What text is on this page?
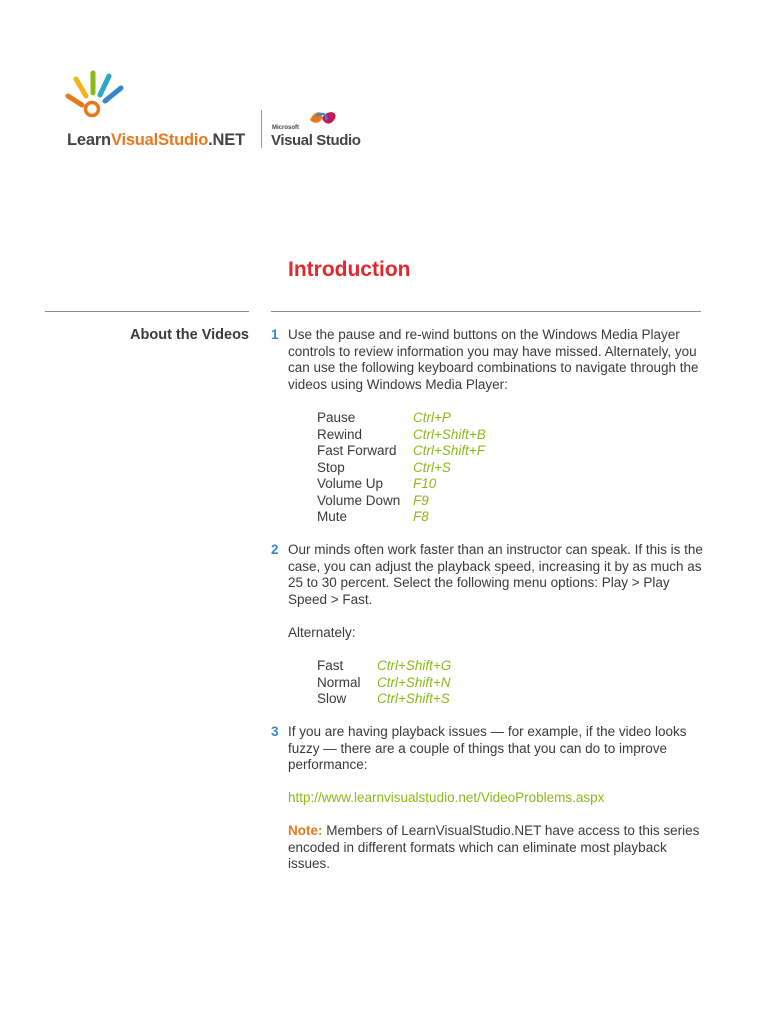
LearnVisualStudio.NET
Microsoft
Visual Studio
Introduction
About the Videos 1 Use the pause and re-wind buttons on the Windows Media Player controls to review information you may have missed. Alternately, you can use the following keyboard combinations to navigate through the videos using Windows Media Player:
Pause	Ctrl+P
Rewind	Ctrl+Shift+B
Fast Forward Ctrl+Shift+F
Stop	Ctrl+S
Volume Up F10
Volume Down F9
Mute	F8
2 Our minds often work faster than an instructor can speak. If this is the case, you can adjust the playback speed, increasing it by as much as 25 to 30 percent. Select the following menu options: Play > Play Speed > Fast.
Alternately:
Fast Ctrl+Shift+G
Normal Ctrl+Shift+N
Slow Ctrl+Shift+S
3 If you are having playback issues — for example, if the video looks fuzzy — there are a couple of things that you can do to improve performance:
http://www.learnvisualstudio.net/VideoProblems.aspx
Note: Members of LearnVisualStudio.NET have access to this series encoded in different formats which can eliminate most playback issues.
